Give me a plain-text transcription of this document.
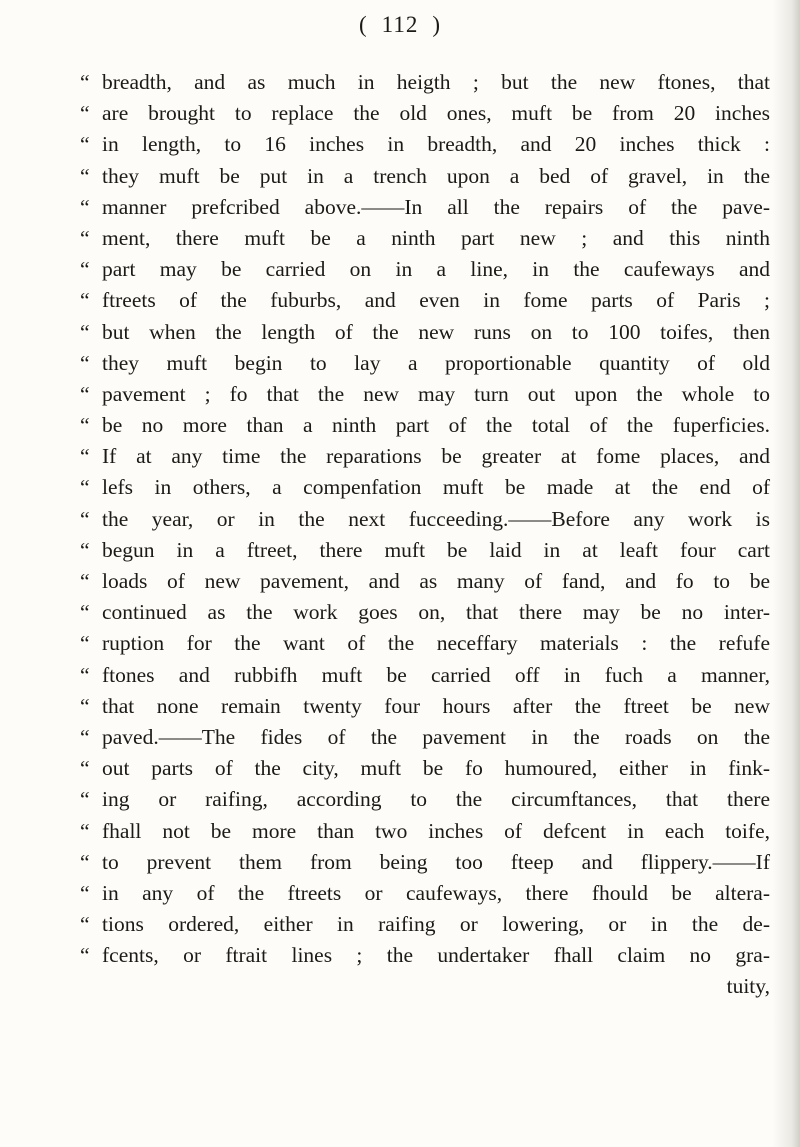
( 112 )
“ breadth, and as much in heigth ; but the new ftones, that
“ are brought to replace the old ones, muft be from 20 inches
“ in length, to 16 inches in breadth, and 20 inches thick :
“ they muft be put in a trench upon a bed of gravel, in the
“ manner prefcribed above.——In all the repairs of the pave-
“ ment, there muft be a ninth part new ; and this ninth
“ part may be carried on in a line, in the caufeways and
“ ftreets of the fuburbs, and even in fome parts of Paris ;
“ but when the length of the new runs on to 100 toifes, then
“ they muft begin to lay a proportionable quantity of old
“ pavement ; fo that the new may turn out upon the whole to
“ be no more than a ninth part of the total of the fuperficies.
“ If at any time the reparations be greater at fome places, and
“ lefs in others, a compenfation muft be made at the end of
“ the year, or in the next fucceeding.——Before any work is
“ begun in a ftreet, there muft be laid in at leaft four cart
“ loads of new pavement, and as many of fand, and fo to be
“ continued as the work goes on, that there may be no inter-
“ ruption for the want of the neceffary materials : the refufe
“ ftones and rubbifh muft be carried off in fuch a manner,
“ that none remain twenty four hours after the ftreet be new
“ paved.——The fides of the pavement in the roads on the
“ out parts of the city, muft be fo humoured, either in fink-
“ ing or raifing, according to the circumftances, that there
“ fhall not be more than two inches of defcent in each toife,
“ to prevent them from being too fteep and flippery.——If
“ in any of the ftreets or caufeways, there fhould be altera-
“ tions ordered, either in raifing or lowering, or in the de-
“ fcents, or ftrait lines ; the undertaker fhall claim no gra-
tuity,
